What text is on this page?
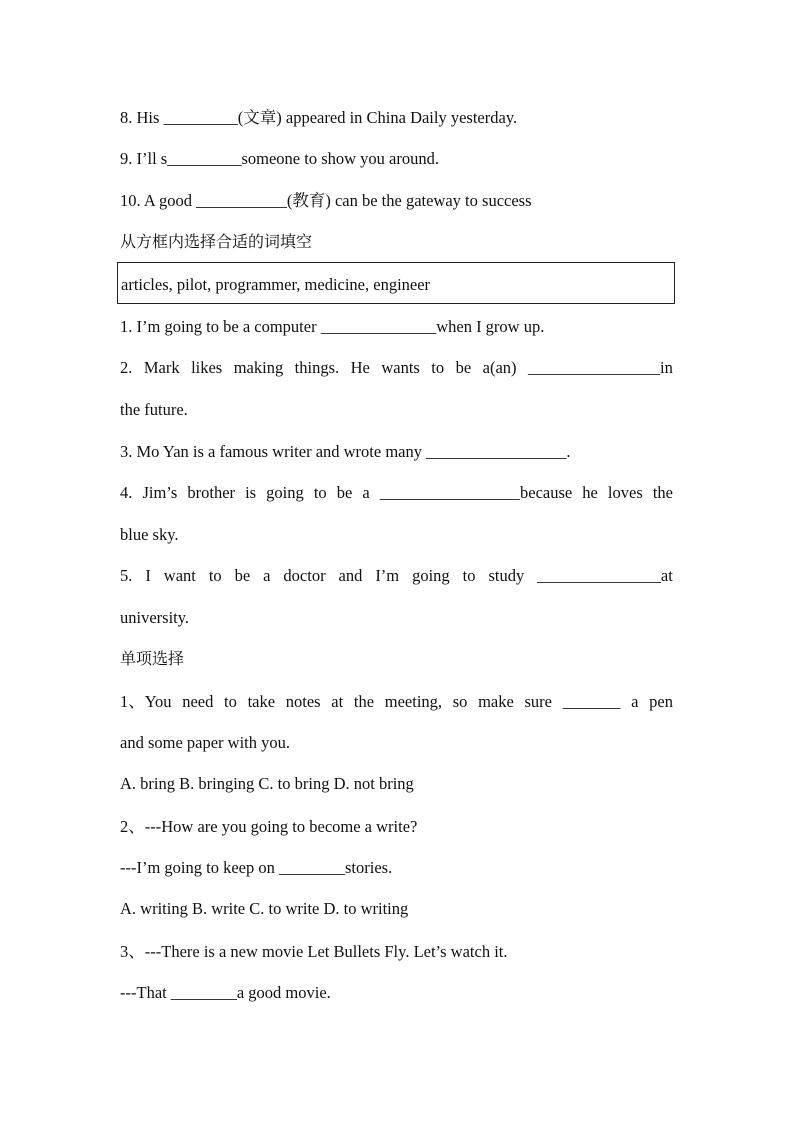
8. His _________(文章) appeared in China Daily yesterday.
9. I’ll s_________someone to show you around.
10. A good ___________(教育) can be the gateway to success
从方框内选择合适的词填空
articles, pilot, programmer, medicine, engineer
1. I’m going to be a computer ______________when I grow up.
2. Mark likes making things. He wants to be a(an) ________________in
the future.
3. Mo Yan is a famous writer and wrote many _________________.
4. Jim’s brother is going to be a _________________because he loves the
blue sky.
5. I want to be a doctor and I’m going to study _______________at
university.
单项选择
1、You need to take notes at the meeting, so make sure _______ a pen
and some paper with you.
A. bring B. bringing C. to bring D. not bring
2、---How are you going to become a write?
---I’m going to keep on ________stories.
A. writing B. write C. to write D. to writing
3、---There is a new movie Let Bullets Fly. Let’s watch it.
---That ________a good movie.
